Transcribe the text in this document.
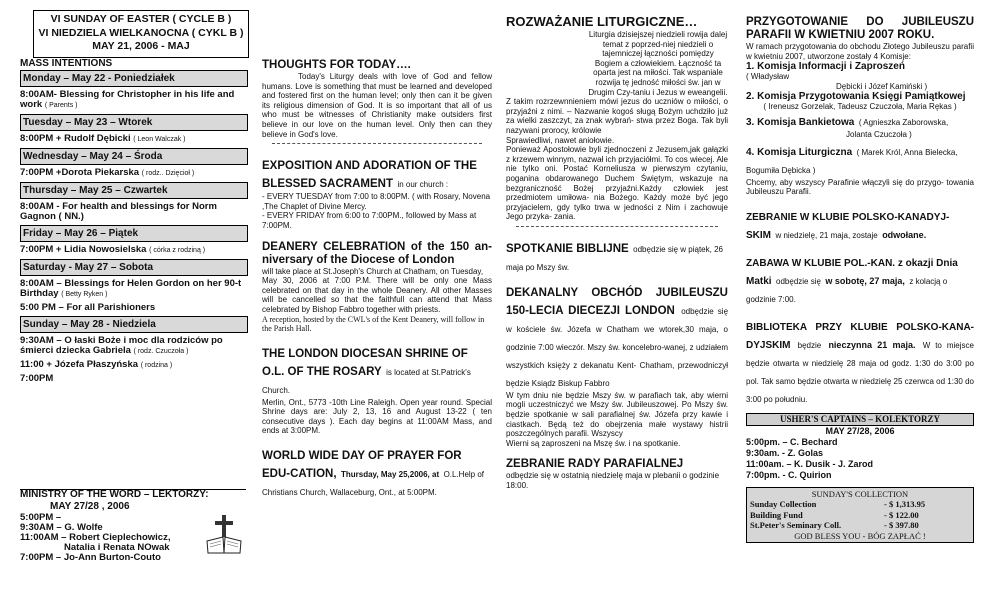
VI SUNDAY OF EASTER ( CYCLE B )
VI NIEDZIELA WIELKANOCNA ( CYKL B )
MAY 21, 2006 - MAJ
MASS INTENTIONS
Monday – May 22 - Poniedziałek
8:00AM- Blessing for Christopher in his life and work ( Parents )
Tuesday – May 23 – Wtorek
8:00PM + Rudolf Dębicki ( Leon Walczak )
Wednesday – May 24 – Środa
7:00PM +Dorota Piekarska ( rodz.. Dzięcioł )
Thursday – May 25 – Czwartek
8:00AM - For health and blessings for Norm Gagnon ( NN.)
Friday – May 26 – Piątek
7:00PM + Lidia Nowosielska ( córka z rodziną )
Saturday - May 27 – Sobota
8:00AM – Blessings for Helen Gordon on her 90-t Birthday ( Betty Ryken )
5:00 PM – For all Parishioners
Sunday – May 28 - Niedziela
9:30AM – O łaski Boże i moc dla rodziców po śmierci dziecka Gabriela ( rodz. Czuczoła )
11:00 + Józefa Płaszyńska ( rodzina )
7:00PM
MINISTRY OF THE WORD – LEKTORZY:
MAY 27/28 , 2006
5:00PM –
9:30AM – G. Wolfe
11:00AM – Robert Cieplechowicz,
Natalia i Renata NOwak
7:00PM – Jo-Ann Burton-Couto
THOUGHTS FOR TODAY….

Today's Liturgy deals with love of God and fellow humans. Love is something that must be learned and developed and fostered first on the human level; only then can it be given its religious dimension of God. It is so important that all of us who must be witnesses of Christianity make outsiders first believe in our love on the human level. Only then can they believe in God's love.

EXPOSITION AND ADORATION OF THE BLESSED SACRAMENT in our church :

- EVERY TUESDAY from 7:00 to 8:00PM. ( with Rosary, Novena ,The Chaplet of Divine Mercy.

- EVERY FRIDAY from 6:00 to 7:00PM., followed by Mass at 7:00PM.

DEANERY CELEBRATION of the 150 an-niversary of the Diocese of London

will take place at St.Joseph's Church at Chatham, on Tuesday,

May 30, 2006 at 7:00 P.M. There will be only one Mass celebrated on that day in the whole Deanery. All other Masses will be cancelled so that the faithfull can attend that Mass celebrated by Bishop Fabbro together with priests.

A reception, hosted by the CWL's of the Kent Deanery, will follow in the Parish Hall.

THE LONDON DIOCESAN SHRINE OF O.L. OF THE ROSARY is located at St.Patrick's Church.

Merlin, Ont., 5773 -10th Line Raleigh. Open year round. Special Shrine days are: July 2, 13, 16 and August 13-22 ( ten consecutive days ). Each day begins at 11:00AM Mass, and ends at 3:00PM.

WORLD WIDE DAY OF PRAYER FOR EDU-CATION, Thursday, May 25,2006, at O.L.Help of Christians Church, Wallaceburg, Ont., at 5:00PM.
ROZWAŻANIE LITURGICZNE…

Liturgia dzisiejszej niedzieli rowija dalej temat z poprzed-niej niedzieli o tajemniczej łączności pomiędzy Bogiem a człowiekiem. Łączność ta oparta jest na miłości. Tak wspaniale rozwija tę jedność miłości św. jan w Drugim Czy-taniu i Jezus w eweangelii.

Z takim rozrzewnnieniem mówi jezus do uczniów o miłości, o przyjaźni z nimi. – Nazwanie kogoś sługą Bożym uchdziło już za wielki zaszczyt, za znak wybrań- stwa przez Boga. Tak byli nazywani prorocy, królowie

Sprawiedliwi, nawet aniołowie.

Ponieważ Apostołowie byli zjednoczeni z Jezusem,jak gałązki z krzewem winnym, nazwał ich przyjaciółmi. To cos wiecej. Ale nie tylko oni. Postać Korneliusza w pierwszym czytaniu, poganina obdarowanego Duchem Świętym, wskazuje na bezgraniczność Bożej przyjaźni.Każdy człowiek jest przedmiotem umiłowa- nia Bożego. Każdy może być jego przyjacielem, gdy tylko trwa w jedności z Nim i zachowuje Jego przyka- zania.

SPOTKANIE BIBLIJNE odbędzie się w piątek, 26 maja po Mszy św.
DEKANALNY OBCHÓD JUBILEUSZU 150-LECIA DIECEZJI LONDON odbędzie się w kościele św. Józefa w Chatham we wtorek,30 maja, o godzinie 7:00 wieczór. Mszy św. koncelebro-wanej, z udziałem wszystkich księży z dekanatu Kent- Chatham, przewodniczył będzie Ksiądz Biskup Fabbro

W tym dniu nie będzie Mszy św. w parafiach tak, aby wierni mogli uczestniczyć we Mszy św. Jubileuszowej. Po Mszy św. będzie spotkanie w sali parafialnej św. Józefa przy kawie i ciastkach. Będą też do obejrzenia małe wystawy histrii poszczególnych parafii. Wszyscy

Wierni są zaproszeni na Mszę św. i na spotkanie.

ZEBRANIE RADY PARAFIALNEJ

odbędzie się w ostatnią niedzielę maja w plebanii o godzinie 18:00.

PRZYGOTOWANIE DO JUBILEUSZU PARAFII W KWIETNIU 2007 ROKU.

W ramach przygotowania do obchodu Złotego Jubileuszu parafii w kwietniu 2007, utworzone zostały 4 Komisje:

1. Komisja Informacji i Zaproszeń

( Władysław

Dębicki i Józef Kamiński )

2. Komisja Przygotowania Księgi Pamiątkowej

( Ireneusz Gorzelak, Tadeusz Czuczoła, Maria Rękas )

3. Komisja Bankietowa ( Agnieszka Zaborowska,

Jolanta Czuczoła )

4. Komisja Liturgiczna ( Marek Król, Anna Bielecka, Bogumiła Dębicka )

Chcemy, aby wszyscy Parafinie włączyli się do przygo- towania Jubileuszu Parafii.

ZEBRANIE W KLUBIE POLSKO-KANADYJ-SKIM w niedzielę, 21 maja, zostaje odwołane.
ZABAWA W KLUBIE POL.-KAN. z okazji Dnia Matki odbędzie się w sobotę, 27 maja, z kolacją o godzinie 7:00.
BIBLIOTEKA PRZY KLUBIE POLSKO-KANA-DYJSKIM będzie nieczynna 21 maja. W to miejsce będzie otwarta w niedzielę 28 maja od godz. 1:30 do 3:00 po pol. Tak samo będzie otwarta w niedzielę 25 czerwca od 1:30 do 3:00 po południu.
USHER'S CAPTAINS – KOLEKTORZY
MAY 27/28, 2006
5:00pm. – C. Bechard
9:30am. - Z. Golas
11:00am. – K. Dusik - J. Zarod
7:00pm. - C. Quirion
SUNDAY'S COLLECTION
Sunday Collection	- $ 1,313.95
Building Fund	- $ 122.00
St.Peter's Seminary Coll.	- $ 397.80
GOD BLESS YOU - BÓG ZAPŁAĆ !
